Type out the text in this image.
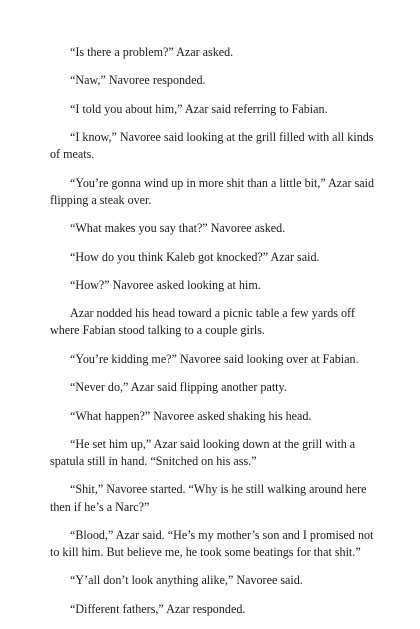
“Is there a problem?” Azar asked.

“Naw,” Navoree responded.

“I told you about him,” Azar said referring to Fabian.

“I know,” Navoree said looking at the grill filled with all kinds of meats.

“You’re gonna wind up in more shit than a little bit,” Azar said flipping a steak over.

“What makes you say that?” Navoree asked.

“How do you think Kaleb got knocked?” Azar said.

“How?” Navoree asked looking at him.

Azar nodded his head toward a picnic table a few yards off where Fabian stood talking to a couple girls.

“You’re kidding me?” Navoree said looking over at Fabian.

“Never do,” Azar said flipping another patty.

“What happen?” Navoree asked shaking his head.

“He set him up,” Azar said looking down at the grill with a spatula still in hand. “Snitched on his ass.”

“Shit,” Navoree started. “Why is he still walking around here then if he’s a Narc?”

“Blood,” Azar said. “He’s my mother’s son and I promised not to kill him. But believe me, he took some beatings for that shit.”

“Y’all don’t look anything alike,” Navoree said.

“Different fathers,” Azar responded.
